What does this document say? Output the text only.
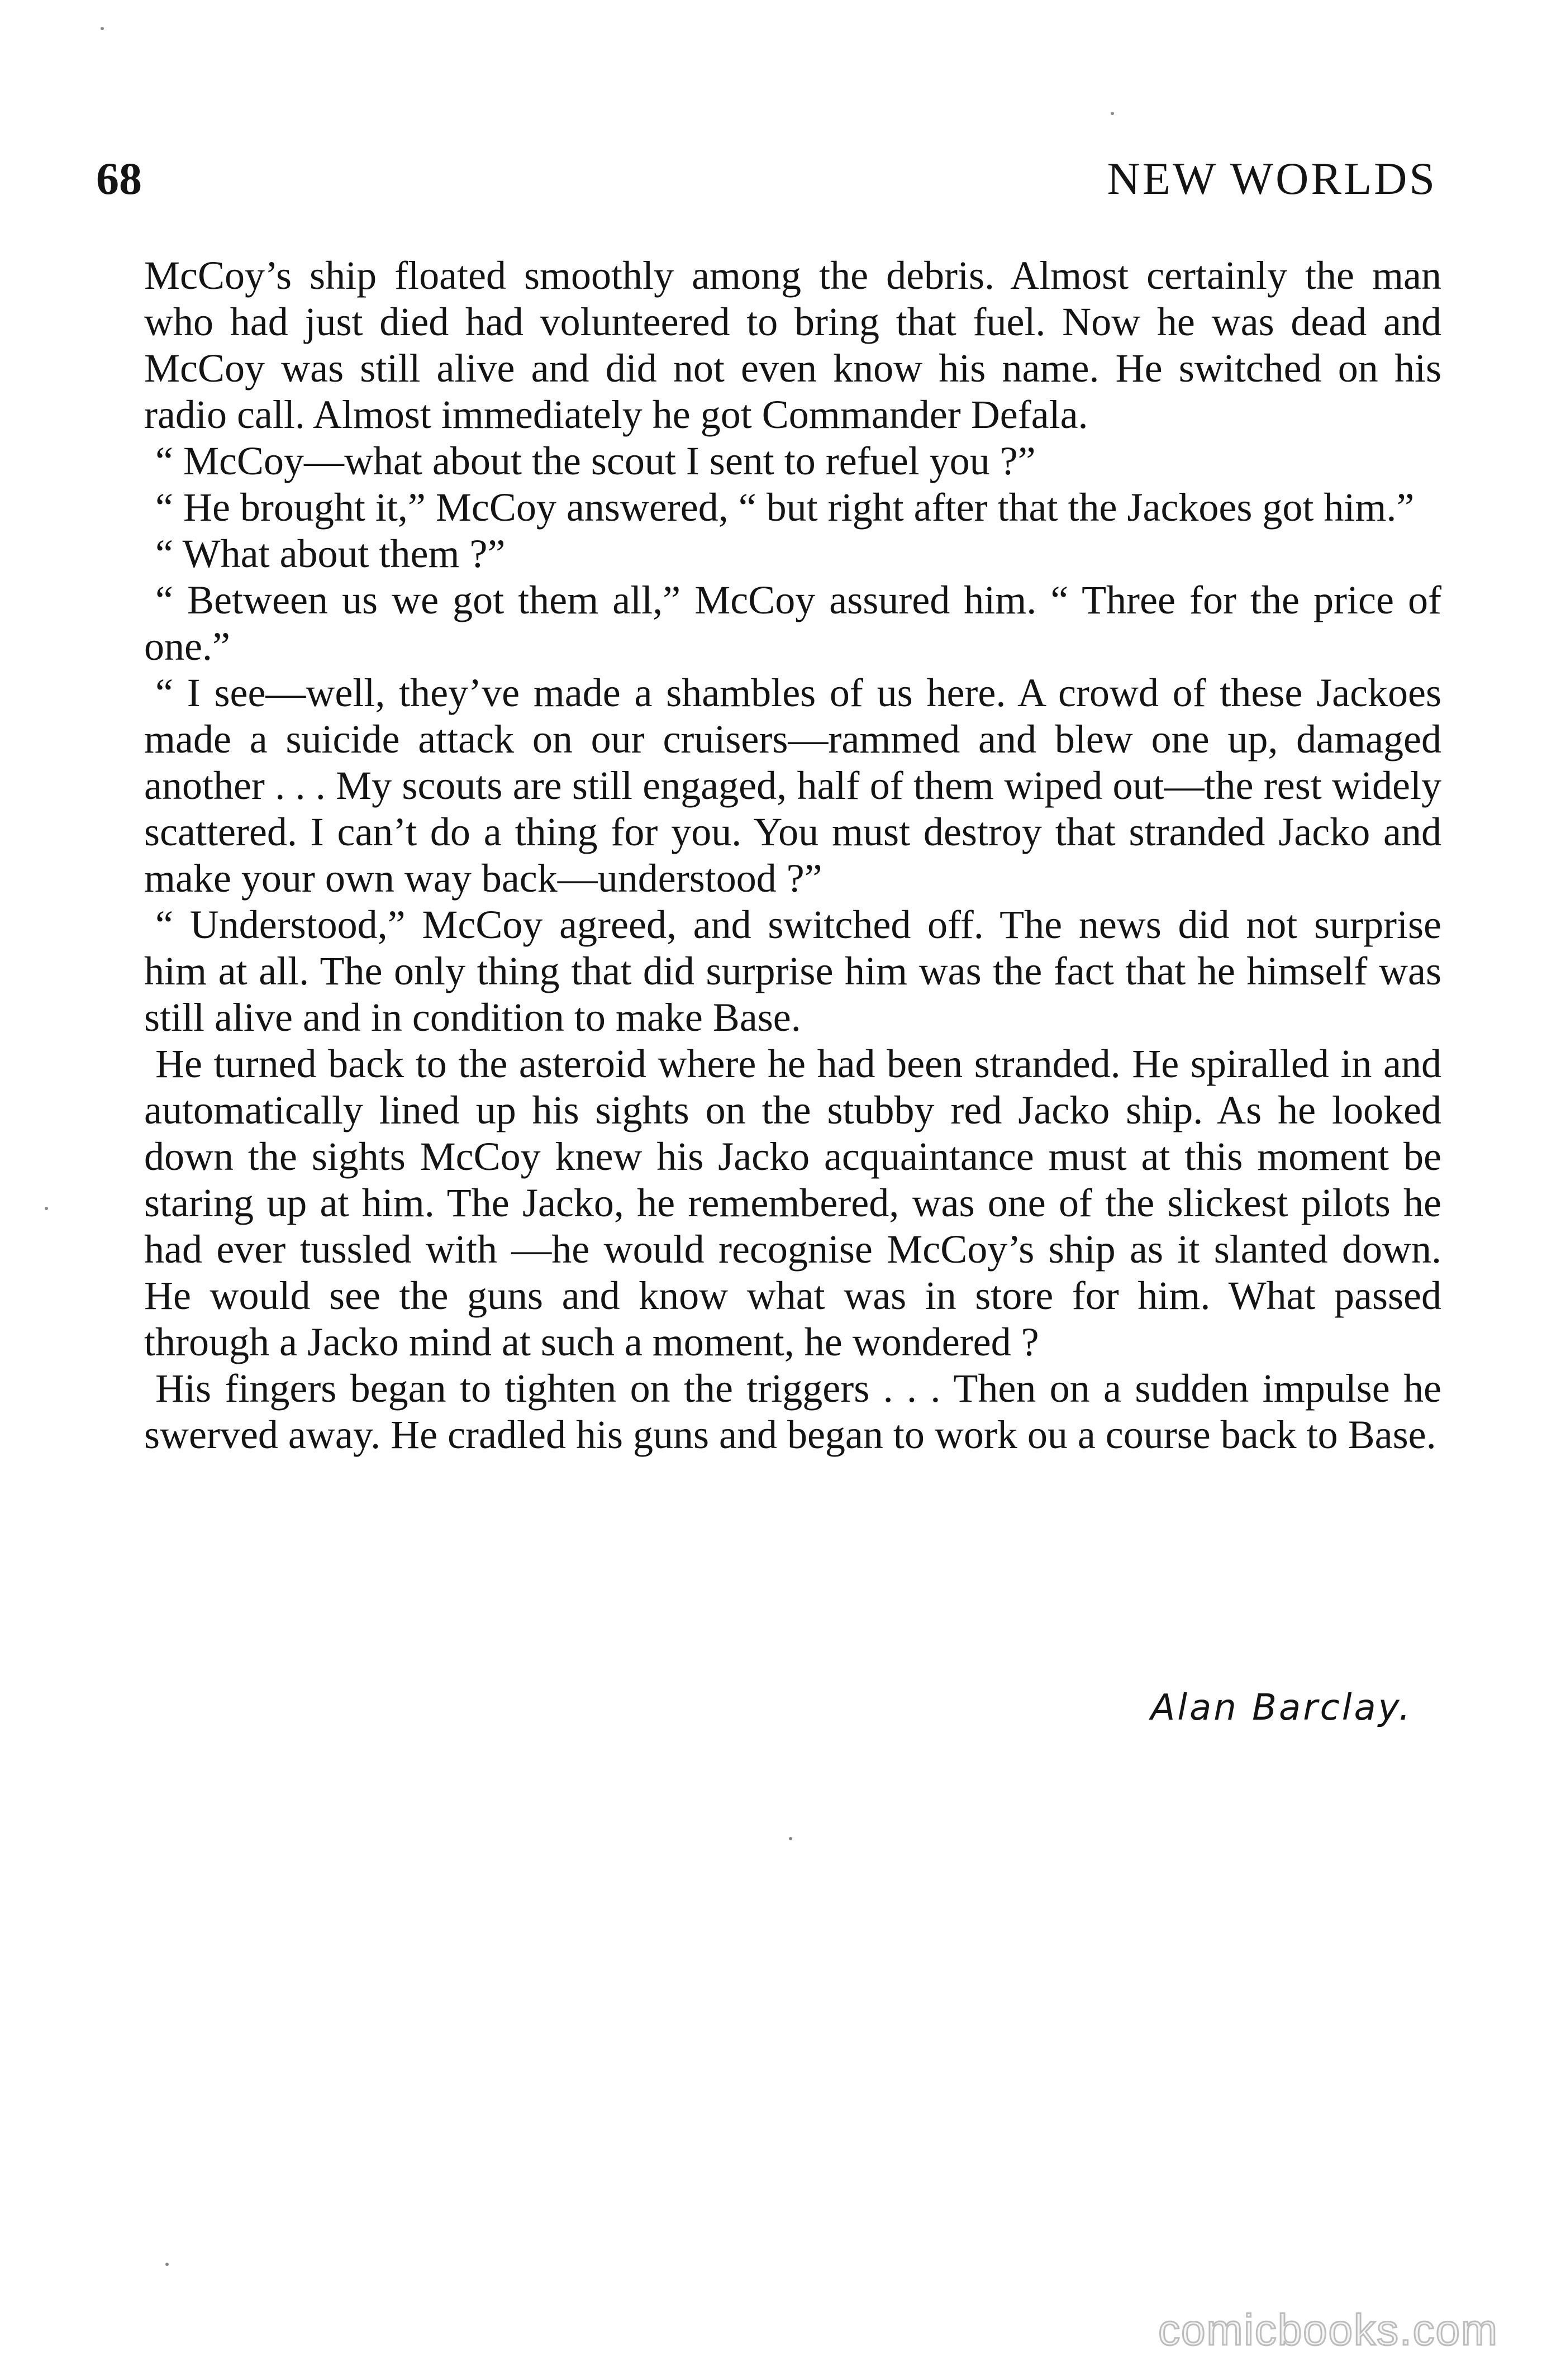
68	NEW WORLDS

McCoy’s ship floated smoothly among the debris. Almost certainly the man who had just died had volunteered to bring that fuel. Now he was dead and McCoy was still alive and did not even know his name. He switched on his radio call. Almost immediately he got Commander Defala.

“ McCoy—what about the scout I sent to refuel you ?”

“ He brought it,” McCoy answered, “ but right after that the Jackoes got him.”

“ What about them ?”

“ Between us we got them all,” McCoy assured him. “ Three for the price of one.”

“ I see—well, they’ve made a shambles of us here. A crowd of these Jackoes made a suicide attack on our cruisers—rammed and blew one up, damaged another . . . My scouts are still engaged, half of them wiped out—the rest widely scattered. I can’t do a thing for you. You must destroy that stranded Jacko and make your own way back—understood ?”

“ Understood,” McCoy agreed, and switched off. The news did not surprise him at all. The only thing that did surprise him was the fact that he himself was still alive and in condition to make Base.

He turned back to the asteroid where he had been stranded. He spiralled in and automatically lined up his sights on the stubby red Jacko ship. As he looked down the sights McCoy knew his Jacko acquaintance must at this moment be staring up at him. The Jacko, he remembered, was one of the slickest pilots he had ever tussled with —he would recognise McCoy’s ship as it slanted down. He would see the guns and know what was in store for him. What passed through a Jacko mind at such a moment, he wondered ?

His fingers began to tighten on the triggers . . . Then on a sudden impulse he swerved away. He cradled his guns and began to work ou a course back to Base.

Alan Barclay.
comicbooks.com
